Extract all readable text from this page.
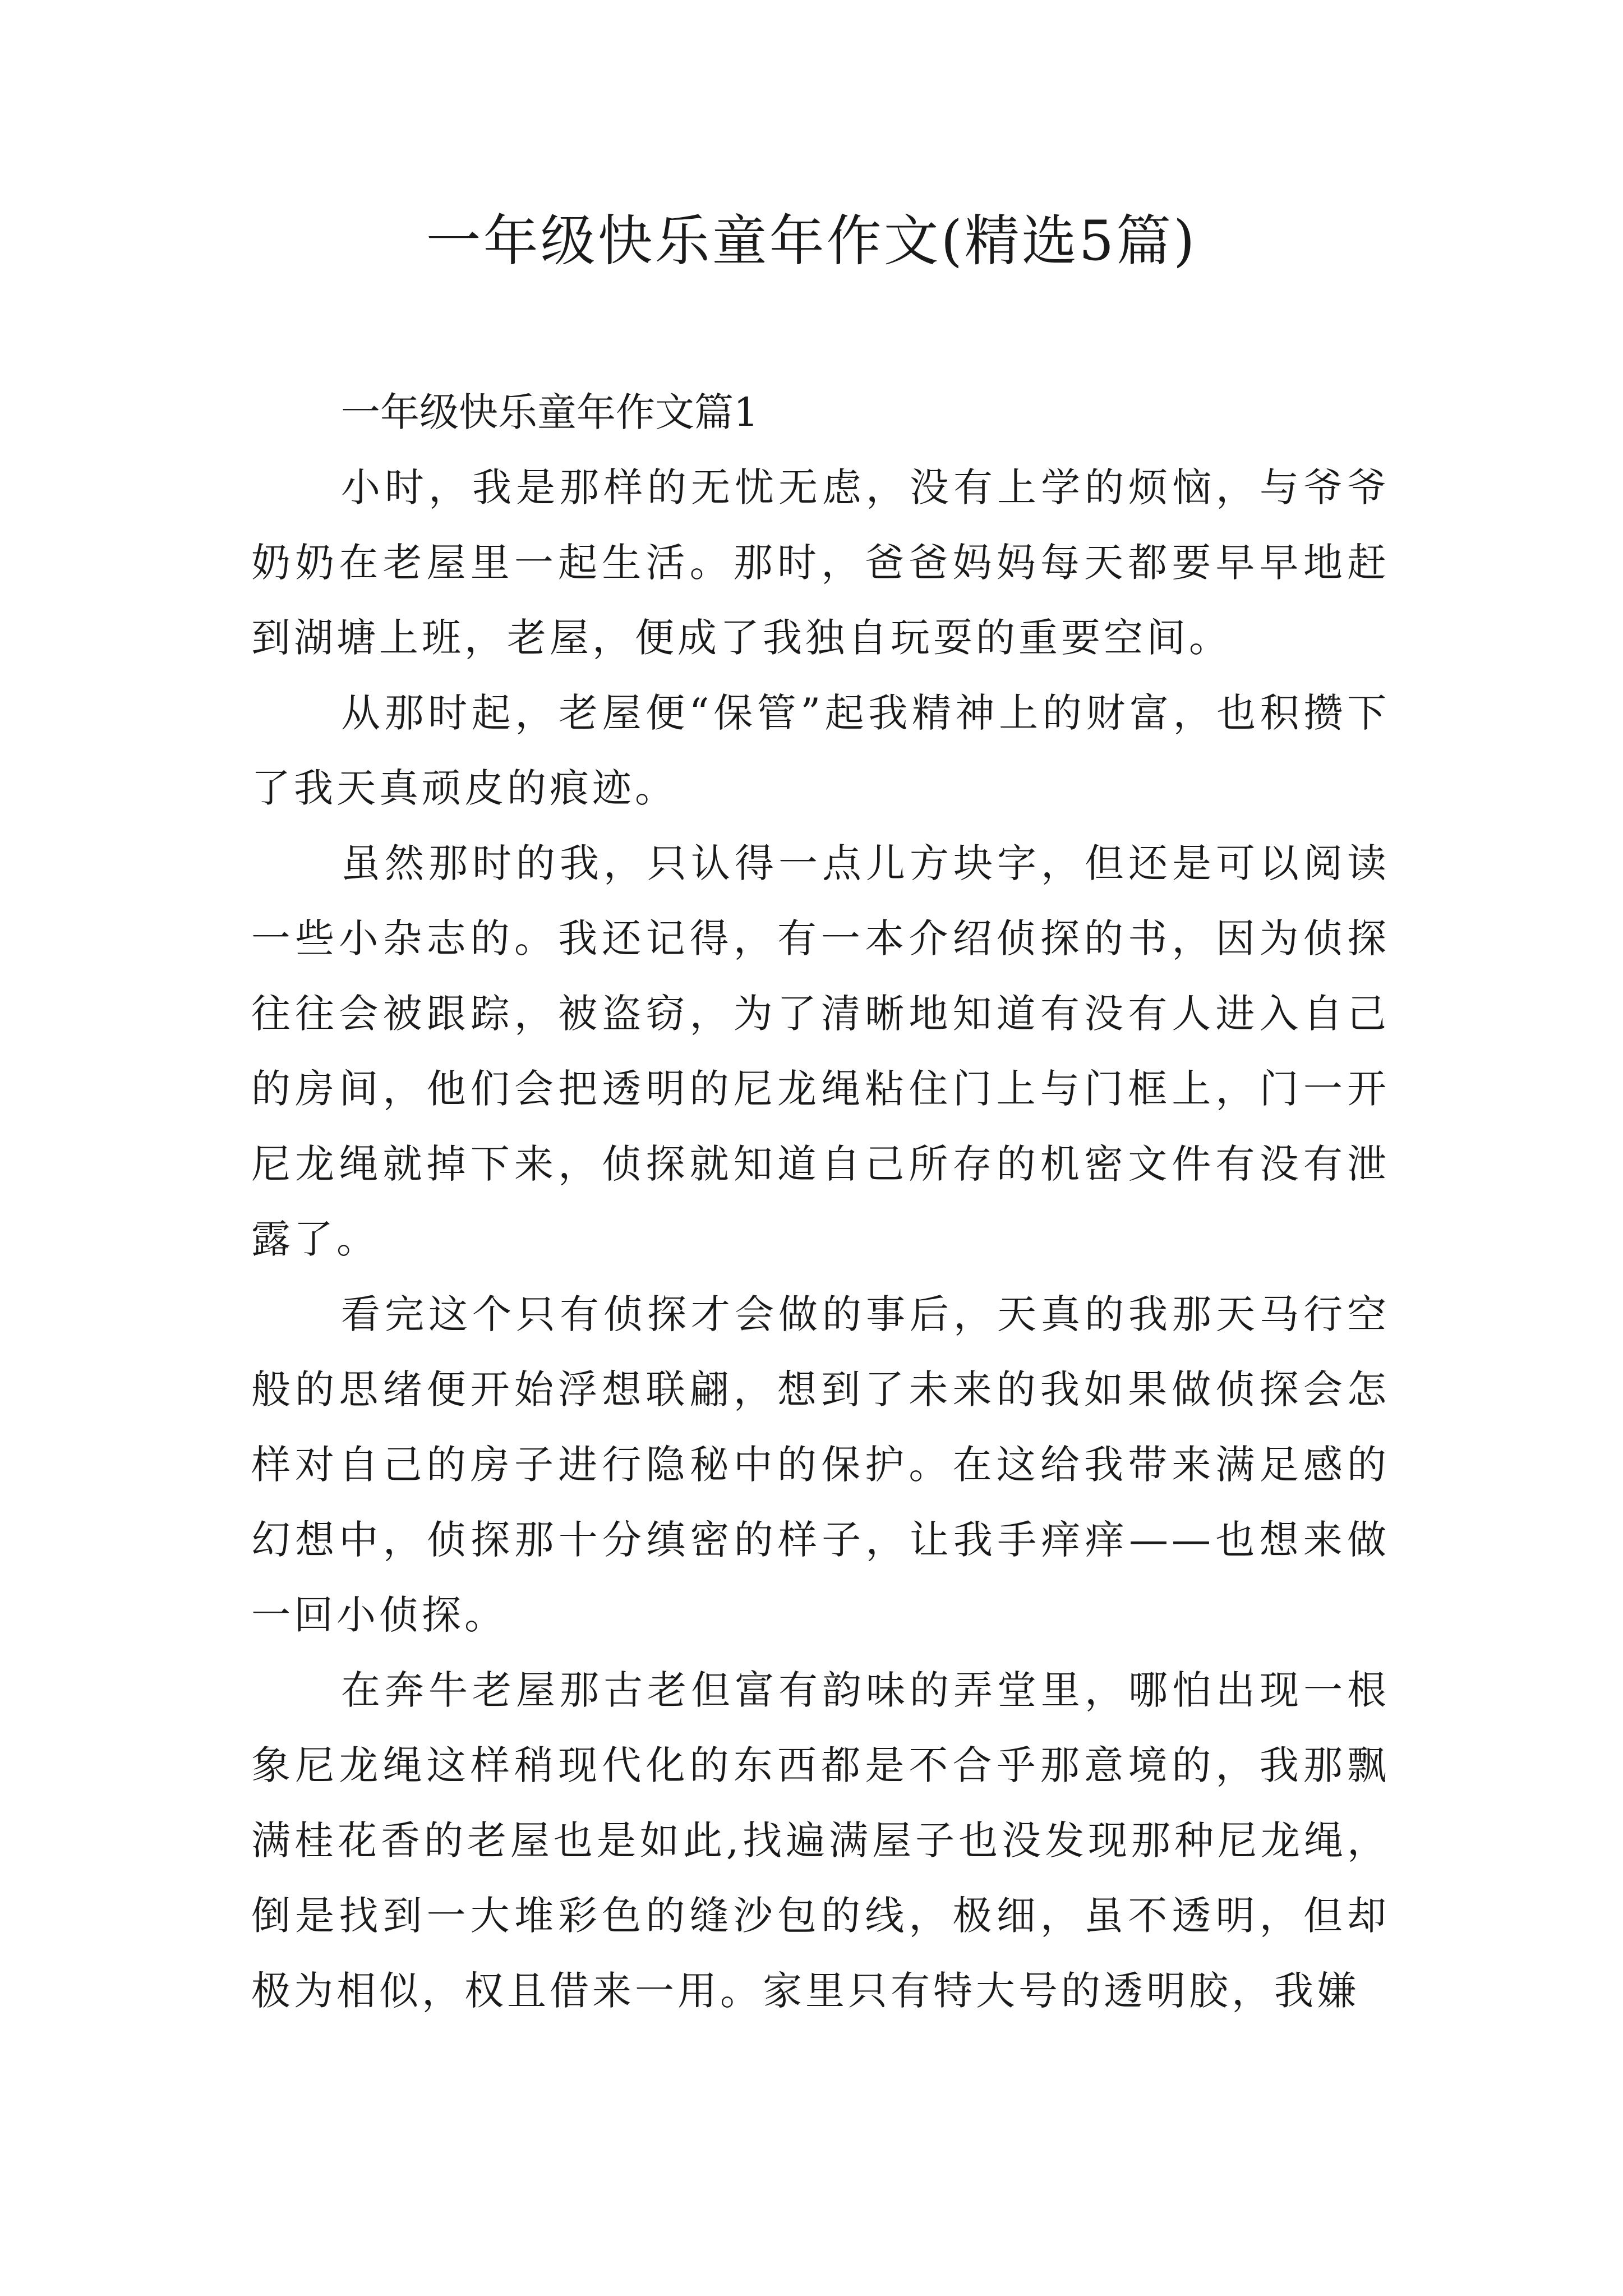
一年级快乐童年作文(精选5篇)

一年级快乐童年作文篇1

小时，我是那样的无忧无虑，没有上学的烦恼，与爷爷奶奶在老屋里一起生活。那时，爸爸妈妈每天都要早早地赶到湖塘上班，老屋，便成了我独自玩耍的重要空间。

从那时起，老屋便“保管”起我精神上的财富，也积攒下了我天真顽皮的痕迹。

虽然那时的我，只认得一点儿方块字，但还是可以阅读一些小杂志的。我还记得，有一本介绍侦探的书，因为侦探往往会被跟踪，被盗窃，为了清晰地知道有没有人进入自己的房间，他们会把透明的尼龙绳粘住门上与门框上，门一开尼龙绳就掉下来，侦探就知道自己所存的机密文件有没有泄露了。

看完这个只有侦探才会做的事后，天真的我那天马行空般的思绪便开始浮想联翩，想到了未来的我如果做侦探会怎样对自己的房子进行隐秘中的保护。在这给我带来满足感的幻想中，侦探那十分缜密的样子，让我手痒痒——也想来做一回小侦探。

在奔牛老屋那古老但富有韵味的弄堂里，哪怕出现一根象尼龙绳这样稍现代化的东西都是不合乎那意境的，我那飘满桂花香的老屋也是如此,找遍满屋子也没发现那种尼龙绳，倒是找到一大堆彩色的缝沙包的线，极细，虽不透明，但却极为相似，权且借来一用。家里只有特大号的透明胶，我嫌
